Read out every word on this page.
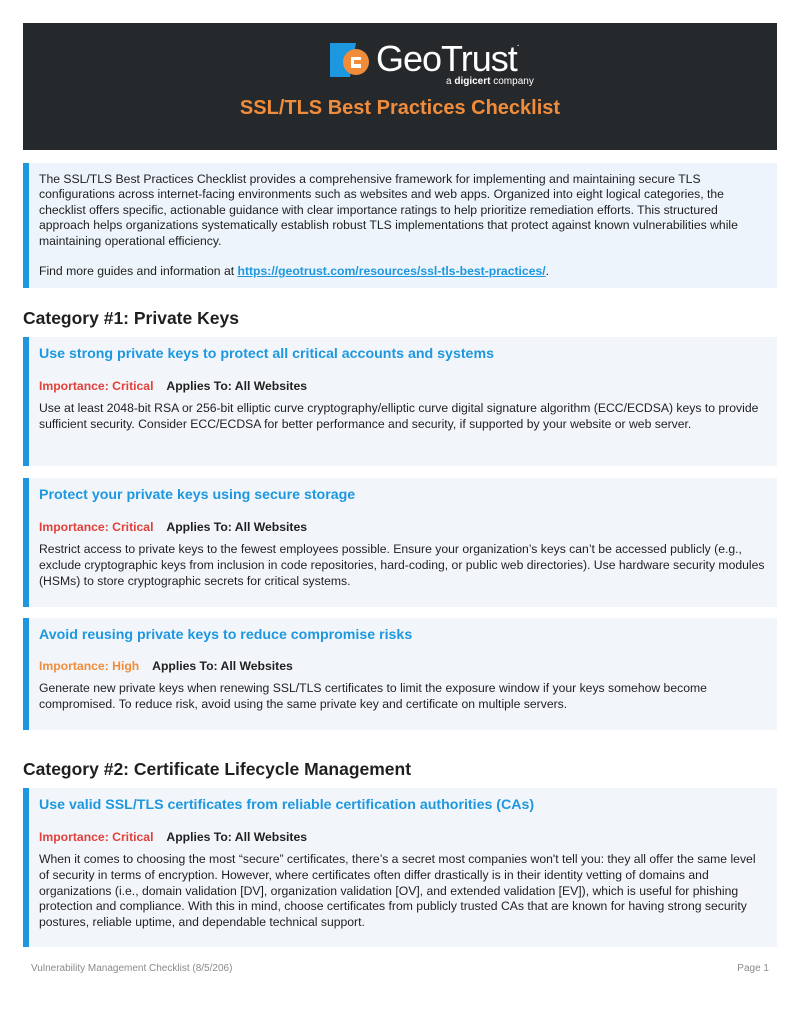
GeoTrust.
a digicert company
SSL/TLS Best Practices Checklist

The SSL/TLS Best Practices Checklist provides a comprehensive framework for implementing and maintaining secure TLS configurations across internet-facing environments such as websites and web apps. Organized into eight logical categories, the checklist offers specific, actionable guidance with clear importance ratings to help prioritize remediation efforts. This structured approach helps organizations systematically establish robust TLS implementations that protect against known vulnerabilities while maintaining operational efficiency.

Find more guides and information at https://geotrust.com/resources/ssl-tls-best-practices/.

Category #1: Private Keys
Use strong private keys to protect all critical accounts and systems
Importance: Critical Applies To: All Websites
Use at least 2048-bit RSA or 256-bit elliptic curve cryptography/elliptic curve digital signature algorithm (ECC/ECDSA) keys to provide sufficient security. Consider ECC/ECDSA for better performance and security, if supported by your website or web server.
Protect your private keys using secure storage
Importance: Critical Applies To: All Websites
Restrict access to private keys to the fewest employees possible. Ensure your organization’s keys can’t be accessed publicly (e.g., exclude cryptographic keys from inclusion in code repositories, hard-coding, or public web directories). Use hardware security modules (HSMs) to store cryptographic secrets for critical systems.
Avoid reusing private keys to reduce compromise risks
Importance: High Applies To: All Websites
Generate new private keys when renewing SSL/TLS certificates to limit the exposure window if your keys somehow become compromised. To reduce risk, avoid using the same private key and certificate on multiple servers.
Category #2: Certificate Lifecycle Management
Use valid SSL/TLS certificates from reliable certification authorities (CAs)
Importance: Critical Applies To: All Websites
When it comes to choosing the most “secure” certificates, there’s a secret most companies won't tell you: they all offer the same level of security in terms of encryption. However, where certificates often differ drastically is in their identity vetting of domains and organizations (i.e., domain validation [DV], organization validation [OV], and extended validation [EV]), which is useful for phishing protection and compliance. With this in mind, choose certificates from publicly trusted CAs that are known for having strong security postures, reliable uptime, and dependable technical support.
Vulnerability Management Checklist (8/5/206)	Page 1
